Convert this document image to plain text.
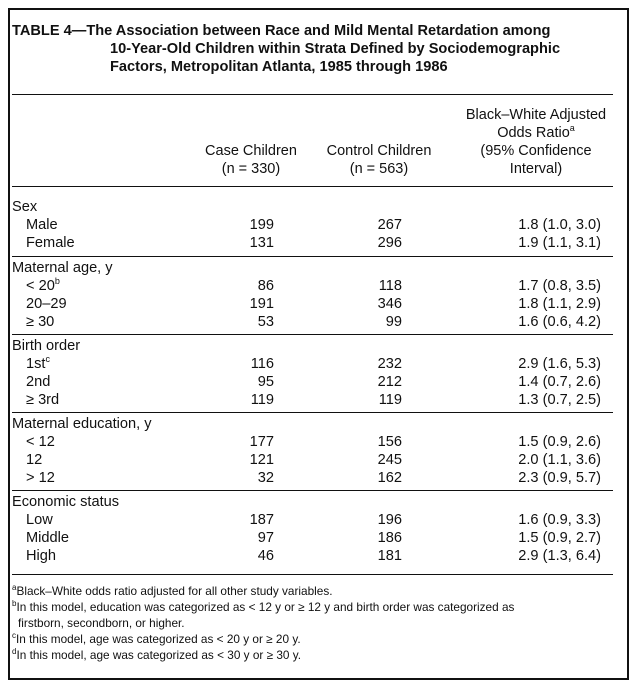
TABLE 4—The Association between Race and Mild Mental Retardation among
10-Year-Old Children within Strata Defined by Sociodemographic
Factors, Metropolitan Atlanta, 1985 through 1986
Case Children
(n = 330)
Control Children
(n = 563)
Black–White Adjusted
Odds Ratio$^a$
(95% Confidence
Interval)
Sex
Male	199	267	1.8 (1.0, 3.0)
Female	131	296	1.9 (1.1, 3.1)
Maternal age, y
< $20^b$	86	118	1.7 (0.8, 3.5)
20–29	191	346	1.8 (1.1, 2.9)
≥ 30	53	99	1.6 (0.6, 4.2)
Birth order
$1st^c$	116	232	2.9 (1.6, 5.3)
2nd	95	212	1.4 (0.7, 2.6)
≥ 3rd	119	119	1.3 (0.7, 2.5)
Maternal education, y
< 12	177	156	1.5 (0.9, 2.6)
12	121	245	2.0 (1.1, 3.6)
> 12	32	162	2.3 (0.9, 5.7)
Economic status
Low	187	196	1.6 (0.9, 3.3)
Middle	97	186	1.5 (0.9, 2.7)
High	46	181	2.9 (1.3, 6.4)
$^a$Black–White odds ratio adjusted for all other study variables.
$^b$In this model, education was categorized as < 12 y or ≥ 12 y and birth order was categorized as
firstborn, secondborn, or higher.
$^c$In this model, age was categorized as < 20 y or ≥ 20 y.
$^d$In this model, age was categorized as < 30 y or ≥ 30 y.
